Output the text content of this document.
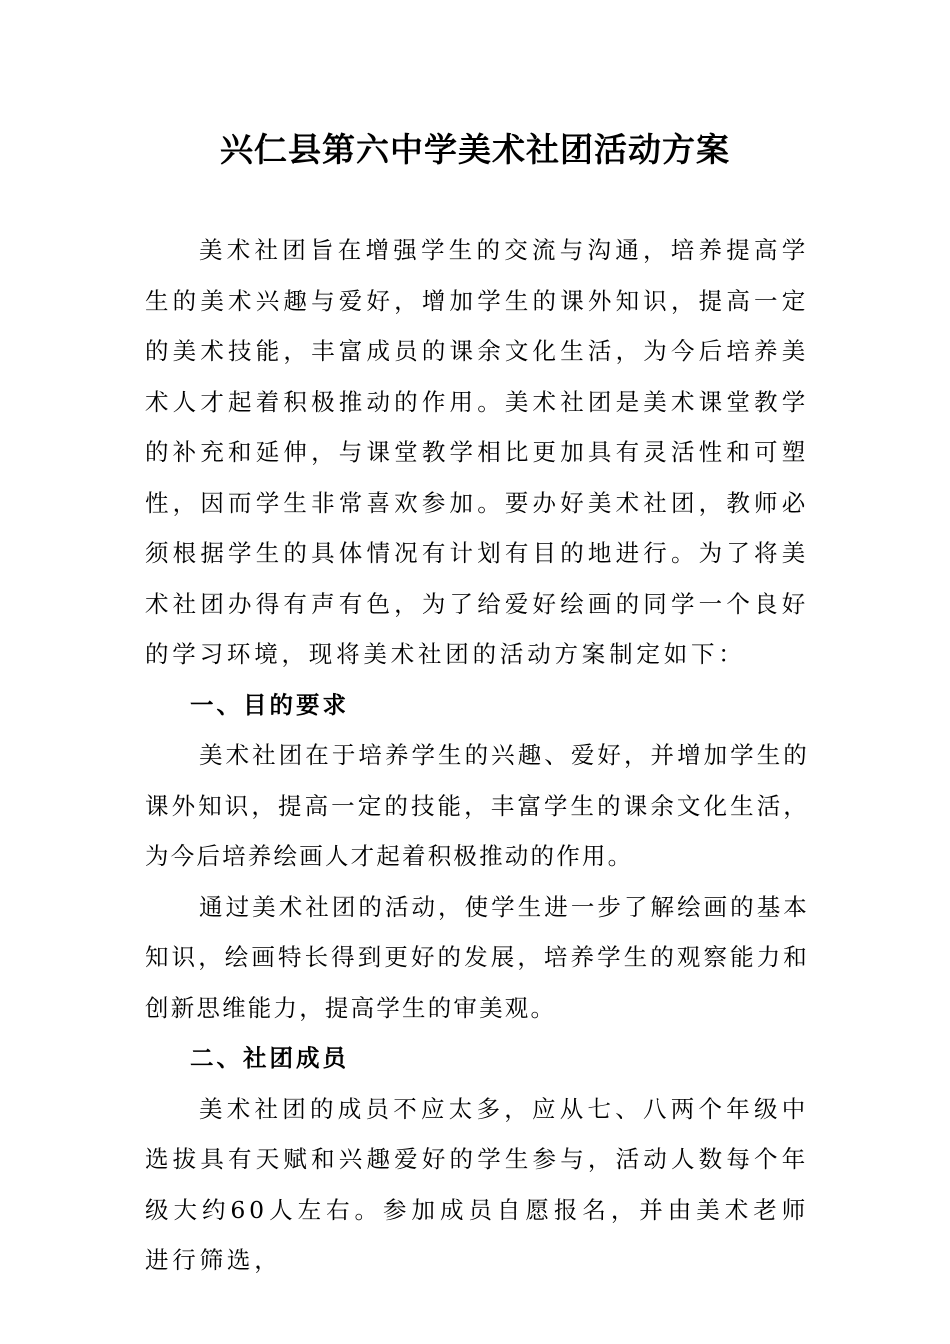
兴仁县第六中学美术社团活动方案

美术社团旨在增强学生的交流与沟通，培养提高学生的美术兴趣与爱好，增加学生的课外知识，提高一定的美术技能，丰富成员的课余文化生活，为今后培养美术人才起着积极推动的作用。美术社团是美术课堂教学的补充和延伸，与课堂教学相比更加具有灵活性和可塑性，因而学生非常喜欢参加。要办好美术社团，教师必须根据学生的具体情况有计划有目的地进行。为了将美术社团办得有声有色，为了给爱好绘画的同学一个良好的学习环境，现将美术社团的活动方案制定如下：

一、目的要求

美术社团在于培养学生的兴趣、爱好，并增加学生的课外知识，提高一定的技能，丰富学生的课余文化生活，为今后培养绘画人才起着积极推动的作用。

通过美术社团的活动，使学生进一步了解绘画的基本知识，绘画特长得到更好的发展，培养学生的观察能力和创新思维能力，提高学生的审美观。

二、社团成员

美术社团的成员不应太多，应从七、八两个年级中选拔具有天赋和兴趣爱好的学生参与，活动人数每个年级大约60人左右。参加成员自愿报名，并由美术老师进行筛选，
